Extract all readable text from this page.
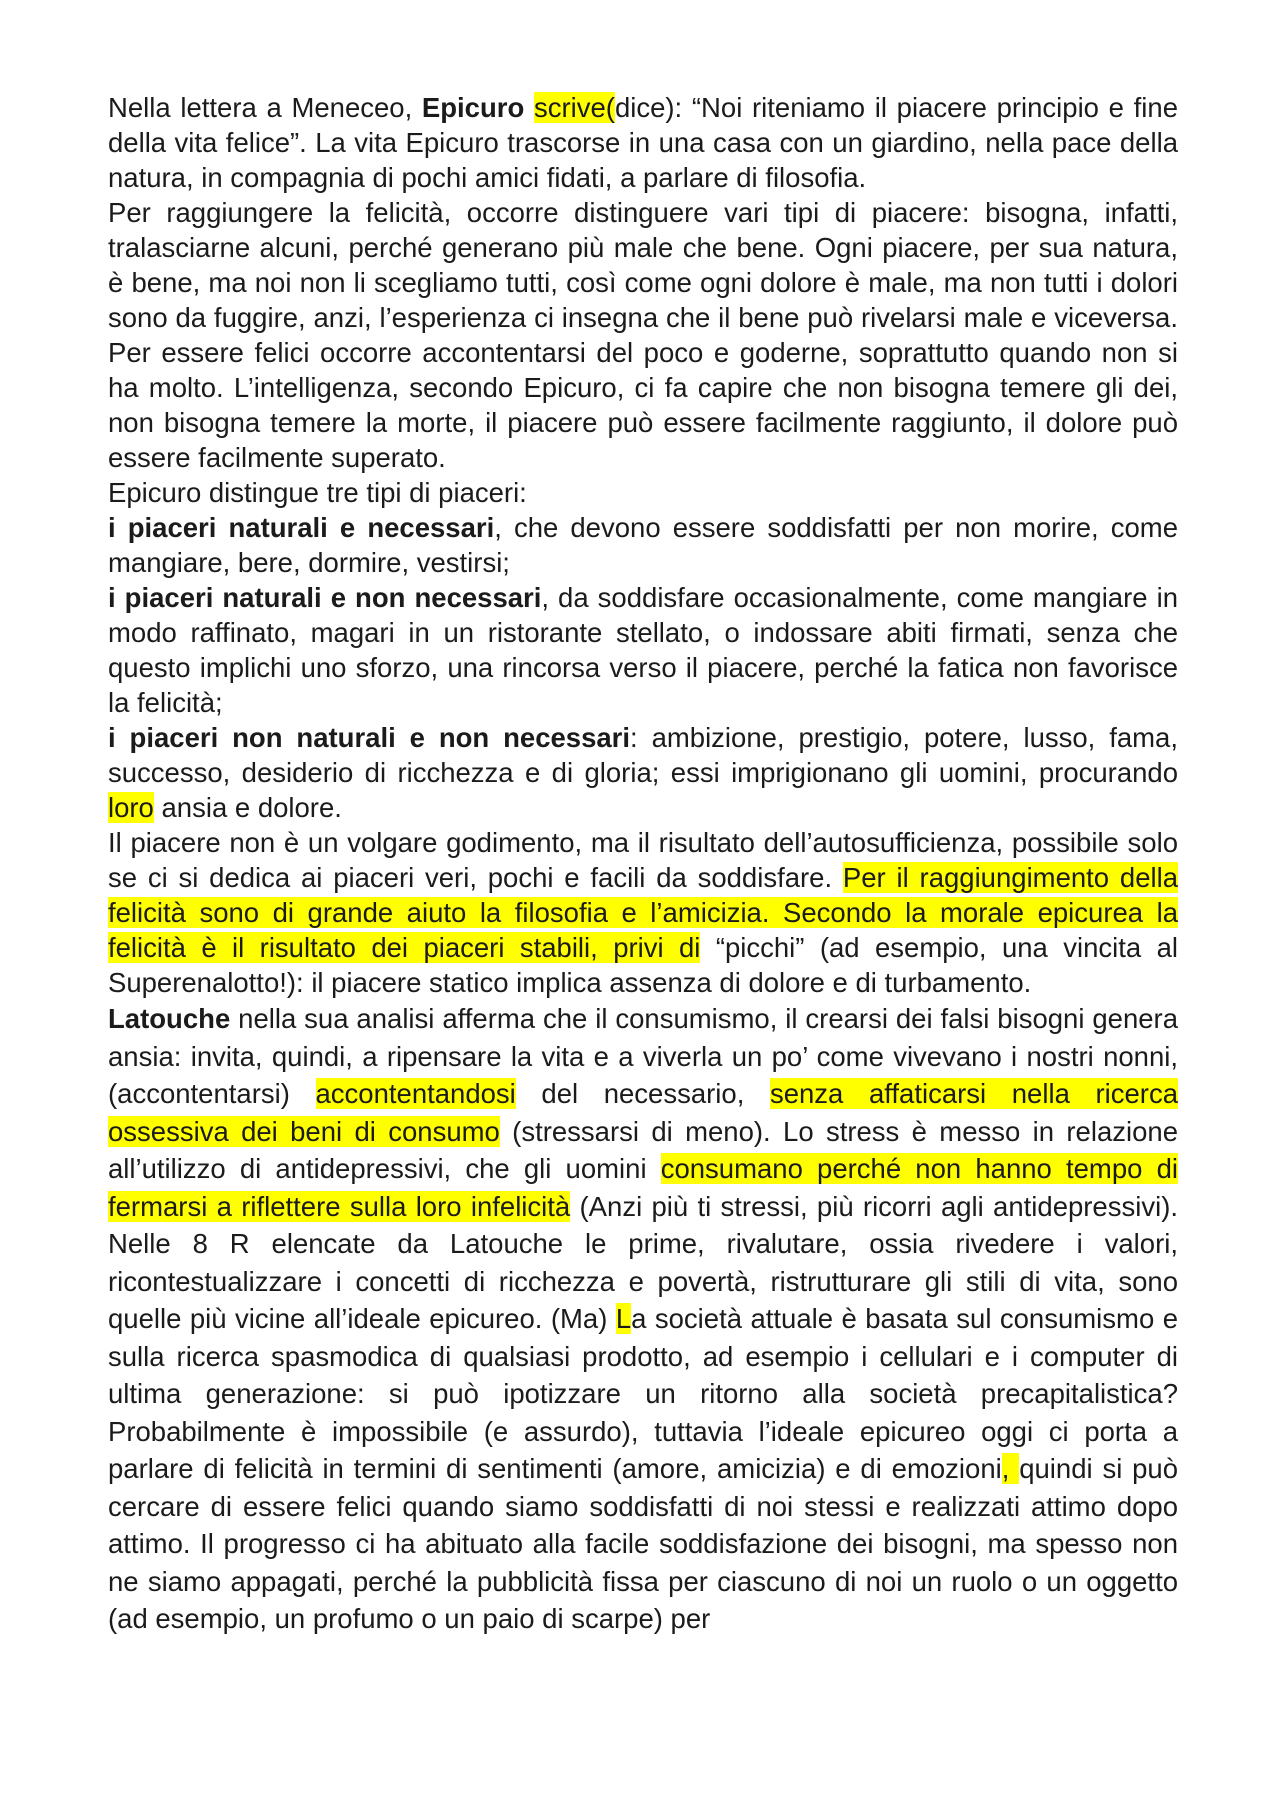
Nella lettera a Meneceo, Epicuro scrive(dice): “Noi riteniamo il piacere principio e fine della vita felice”. La vita Epicuro trascorse in una casa con un giardino, nella pace della natura, in compagnia di pochi amici fidati, a parlare di filosofia.

Per raggiungere la felicità, occorre distinguere vari tipi di piacere: bisogna, infatti, tralasciarne alcuni, perché generano più male che bene. Ogni piacere, per sua natura, è bene, ma noi non li scegliamo tutti, così come ogni dolore è male, ma non tutti i dolori sono da fuggire, anzi, l’esperienza ci insegna che il bene può rivelarsi male e viceversa. Per essere felici occorre accontentarsi del poco e goderne, soprattutto quando non si ha molto. L’intelligenza, secondo Epicuro, ci fa capire che non bisogna temere gli dei, non bisogna temere la morte, il piacere può essere facilmente raggiunto, il dolore può essere facilmente superato.

Epicuro distingue tre tipi di piaceri:

i piaceri naturali e necessari, che devono essere soddisfatti per non morire, come mangiare, bere, dormire, vestirsi;

i piaceri naturali e non necessari, da soddisfare occasionalmente, come mangiare in modo raffinato, magari in un ristorante stellato, o indossare abiti firmati, senza che questo implichi uno sforzo, una rincorsa verso il piacere, perché la fatica non favorisce la felicità;

i piaceri non naturali e non necessari: ambizione, prestigio, potere, lusso, fama, successo, desiderio di ricchezza e di gloria; essi imprigionano gli uomini, procurando loro ansia e dolore.

Il piacere non è un volgare godimento, ma il risultato dell’autosufficienza, possibile solo se ci si dedica ai piaceri veri, pochi e facili da soddisfare. Per il raggiungimento della felicità sono di grande aiuto la filosofia e l’amicizia. Secondo la morale epicurea la felicità è il risultato dei piaceri stabili, privi di “picchi” (ad esempio, una vincita al Superenalotto!): il piacere statico implica assenza di dolore e di turbamento.

Latouche nella sua analisi afferma che il consumismo, il crearsi dei falsi bisogni genera ansia: invita, quindi, a ripensare la vita e a viverla un po’ come vivevano i nostri nonni, (accontentarsi) accontentandosi del necessario, senza affaticarsi nella ricerca ossessiva dei beni di consumo (stressarsi di meno). Lo stress è messo in relazione all’utilizzo di antidepressivi, che gli uomini consumano perché non hanno tempo di fermarsi a riflettere sulla loro infelicità (Anzi più ti stressi, più ricorri agli antidepressivi). Nelle 8 R elencate da Latouche le prime, rivalutare, ossia rivedere i valori, ricontestualizzare i concetti di ricchezza e povertà, ristrutturare gli stili di vita, sono quelle più vicine all’ideale epicureo. (Ma) La società attuale è basata sul consumismo e sulla ricerca spasmodica di qualsiasi prodotto, ad esempio i cellulari e i computer di ultima generazione: si può ipotizzare un ritorno alla società precapitalistica? Probabilmente è impossibile (e assurdo), tuttavia l’ideale epicureo oggi ci porta a parlare di felicità in termini di sentimenti (amore, amicizia) e di emozioni, quindi si può cercare di essere felici quando siamo soddisfatti di noi stessi e realizzati attimo dopo attimo. Il progresso ci ha abituato alla facile soddisfazione dei bisogni, ma spesso non ne siamo appagati, perché la pubblicità fissa per ciascuno di noi un ruolo o un oggetto (ad esempio, un profumo o un paio di scarpe) per
